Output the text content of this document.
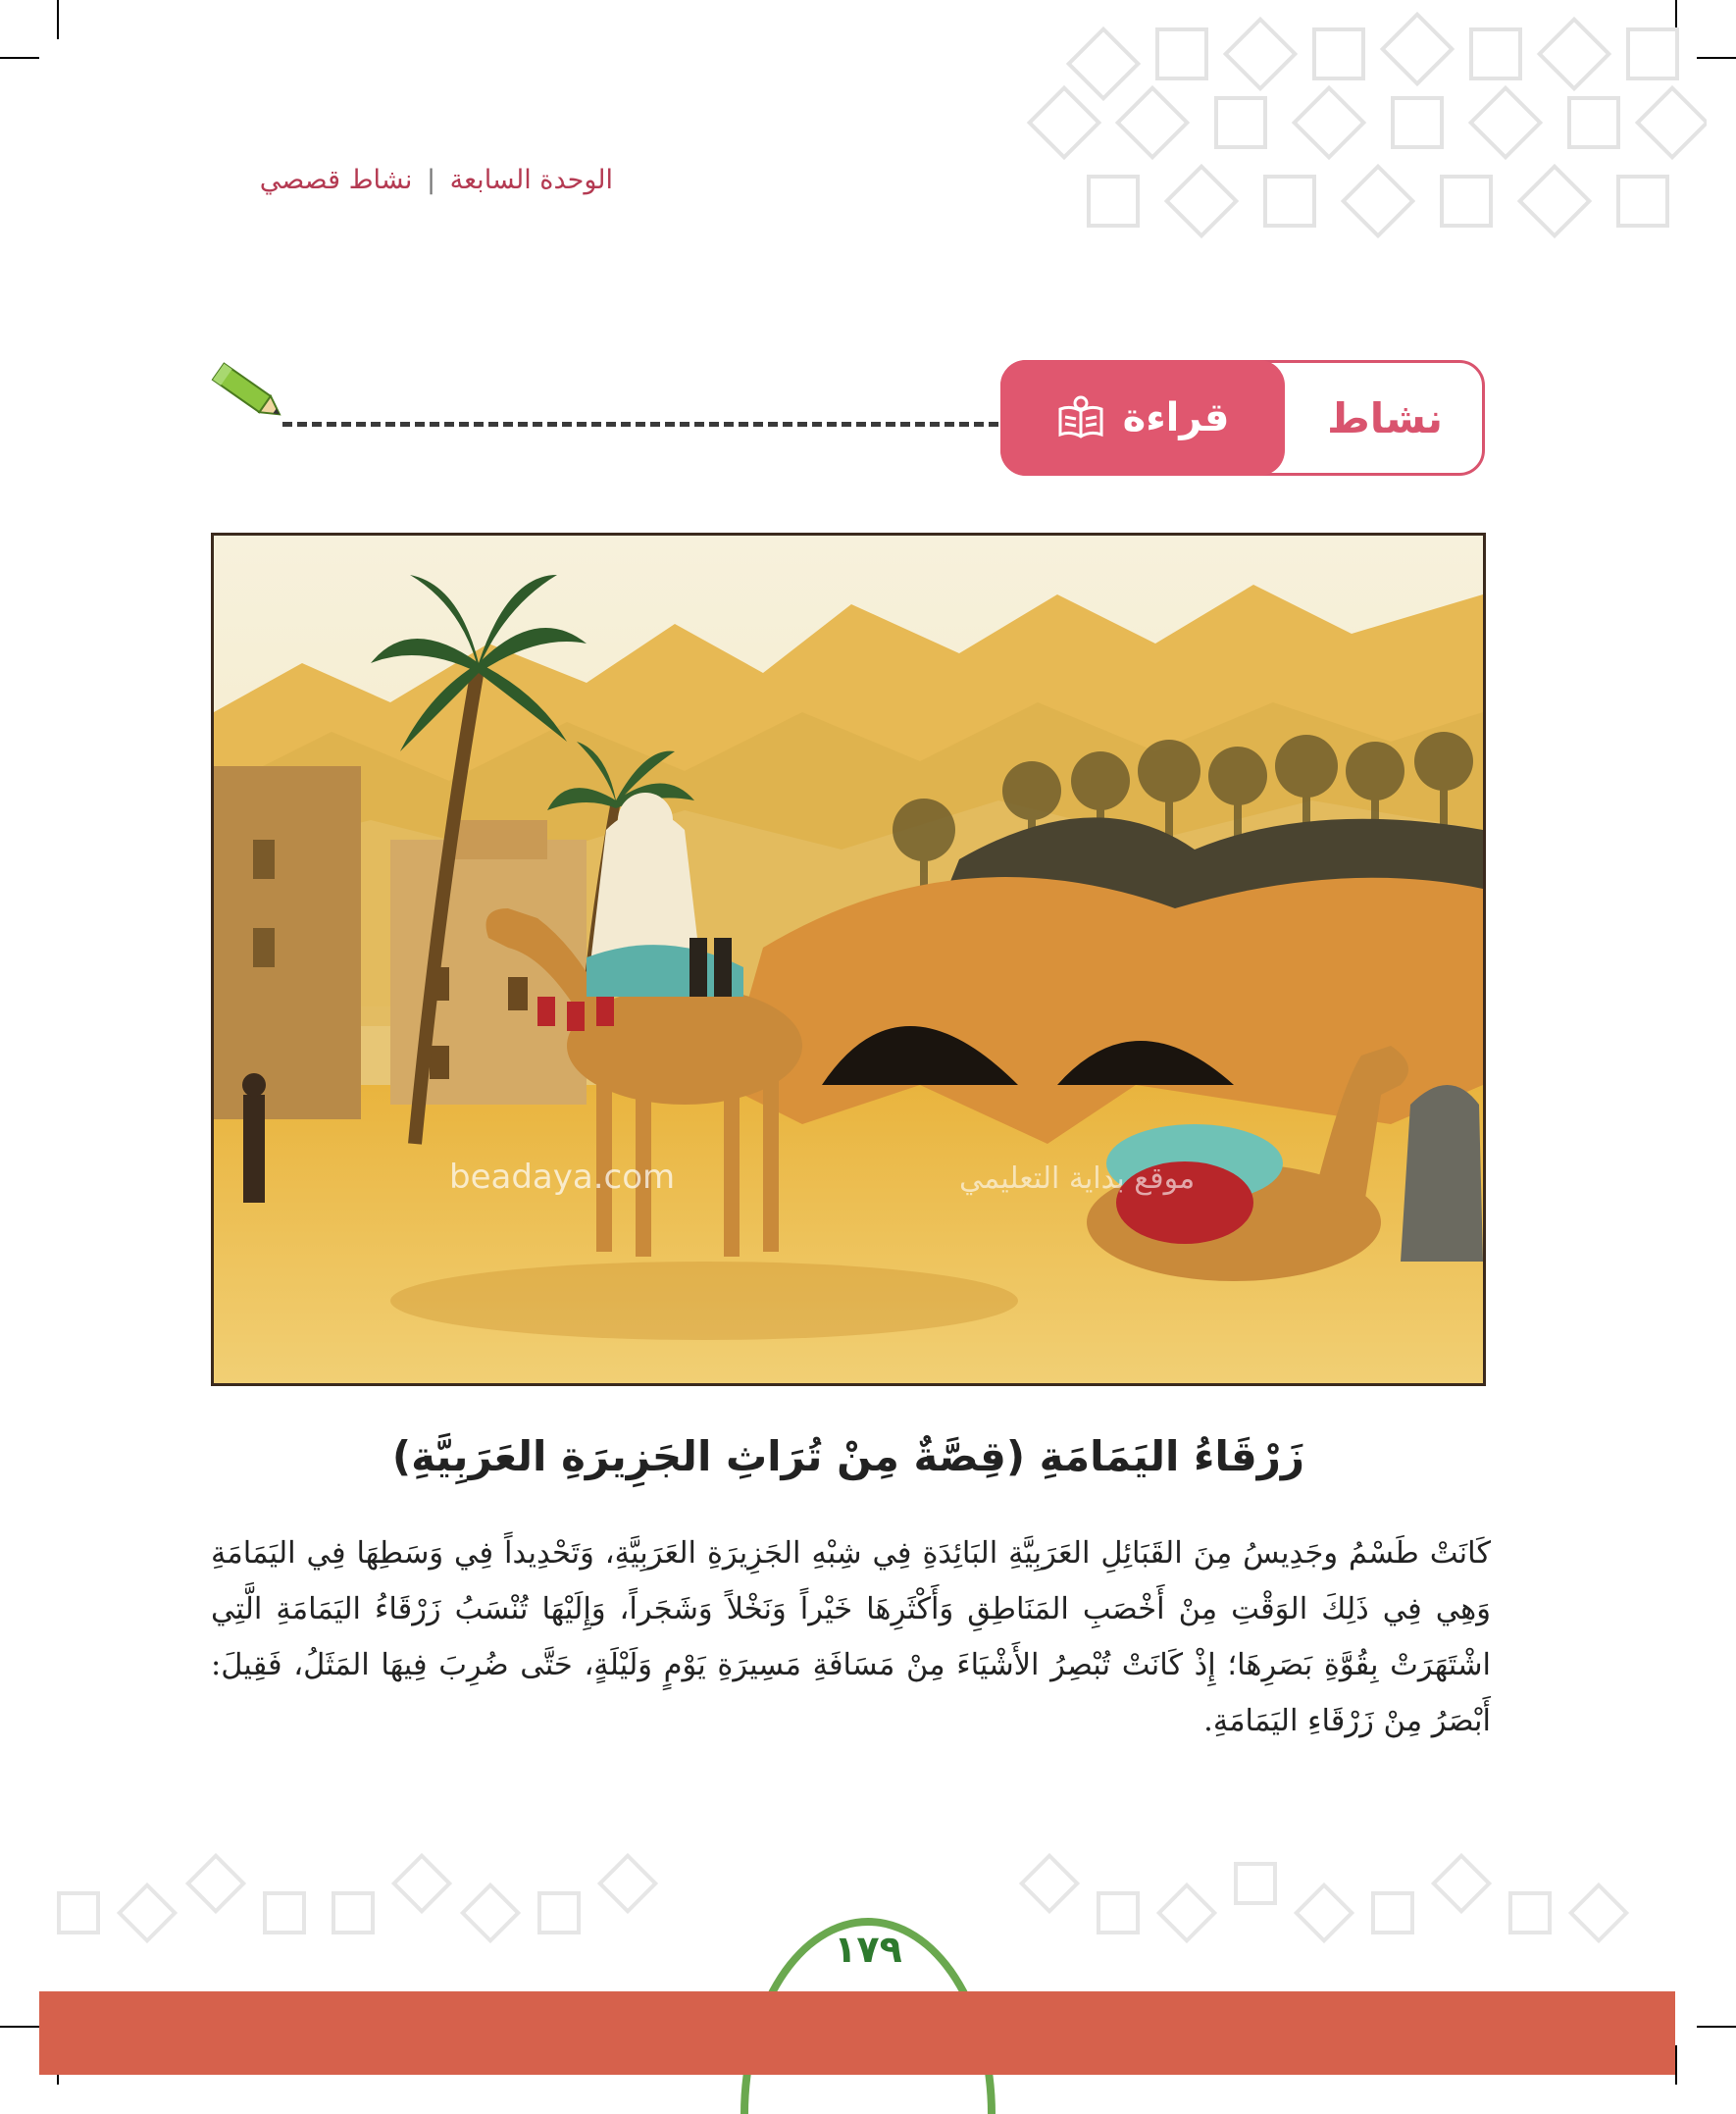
الوحدة السابعة | نشاط قصصي
قراءة نشاط
beadaya.com	موقع بداية التعليمي
زَرْقَاءُ اليَمَامَةِ (قِصَّةٌ مِنْ تُرَاثِ الجَزِيرَةِ العَرَبِيَّةِ)
كَانَتْ طَسْمُ وجَدِيسُ مِنَ القَبَائِلِ العَرَبِيَّةِ البَائِدَةِ فِي شِبْهِ الجَزِيرَةِ العَرَبِيَّةِ، وَتَحْدِيداً فِي وَسَطِهَا فِي اليَمَامَةِ وَهِي فِي ذَلِكَ الوَقْتِ مِنْ أَخْصَبِ المَنَاطِقِ وَأَكْثَرِهَا خَيْراً وَنَخْلاً وَشَجَراً، وَإِلَيْهَا تُنْسَبُ زَرْقَاءُ اليَمَامَةِ الَّتِي اشْتَهَرَتْ بِقُوَّةِ بَصَرِهَا؛ إِذْ كَانَتْ تُبْصِرُ الأَشْيَاءَ مِنْ مَسَافَةِ مَسِيرَةِ يَوْمٍ وَلَيْلَةٍ، حَتَّى ضُرِبَ فِيهَا المَثَلُ، فَقِيلَ: أَبْصَرُ مِنْ زَرْقَاءِ اليَمَامَةِ.
١٧٩
